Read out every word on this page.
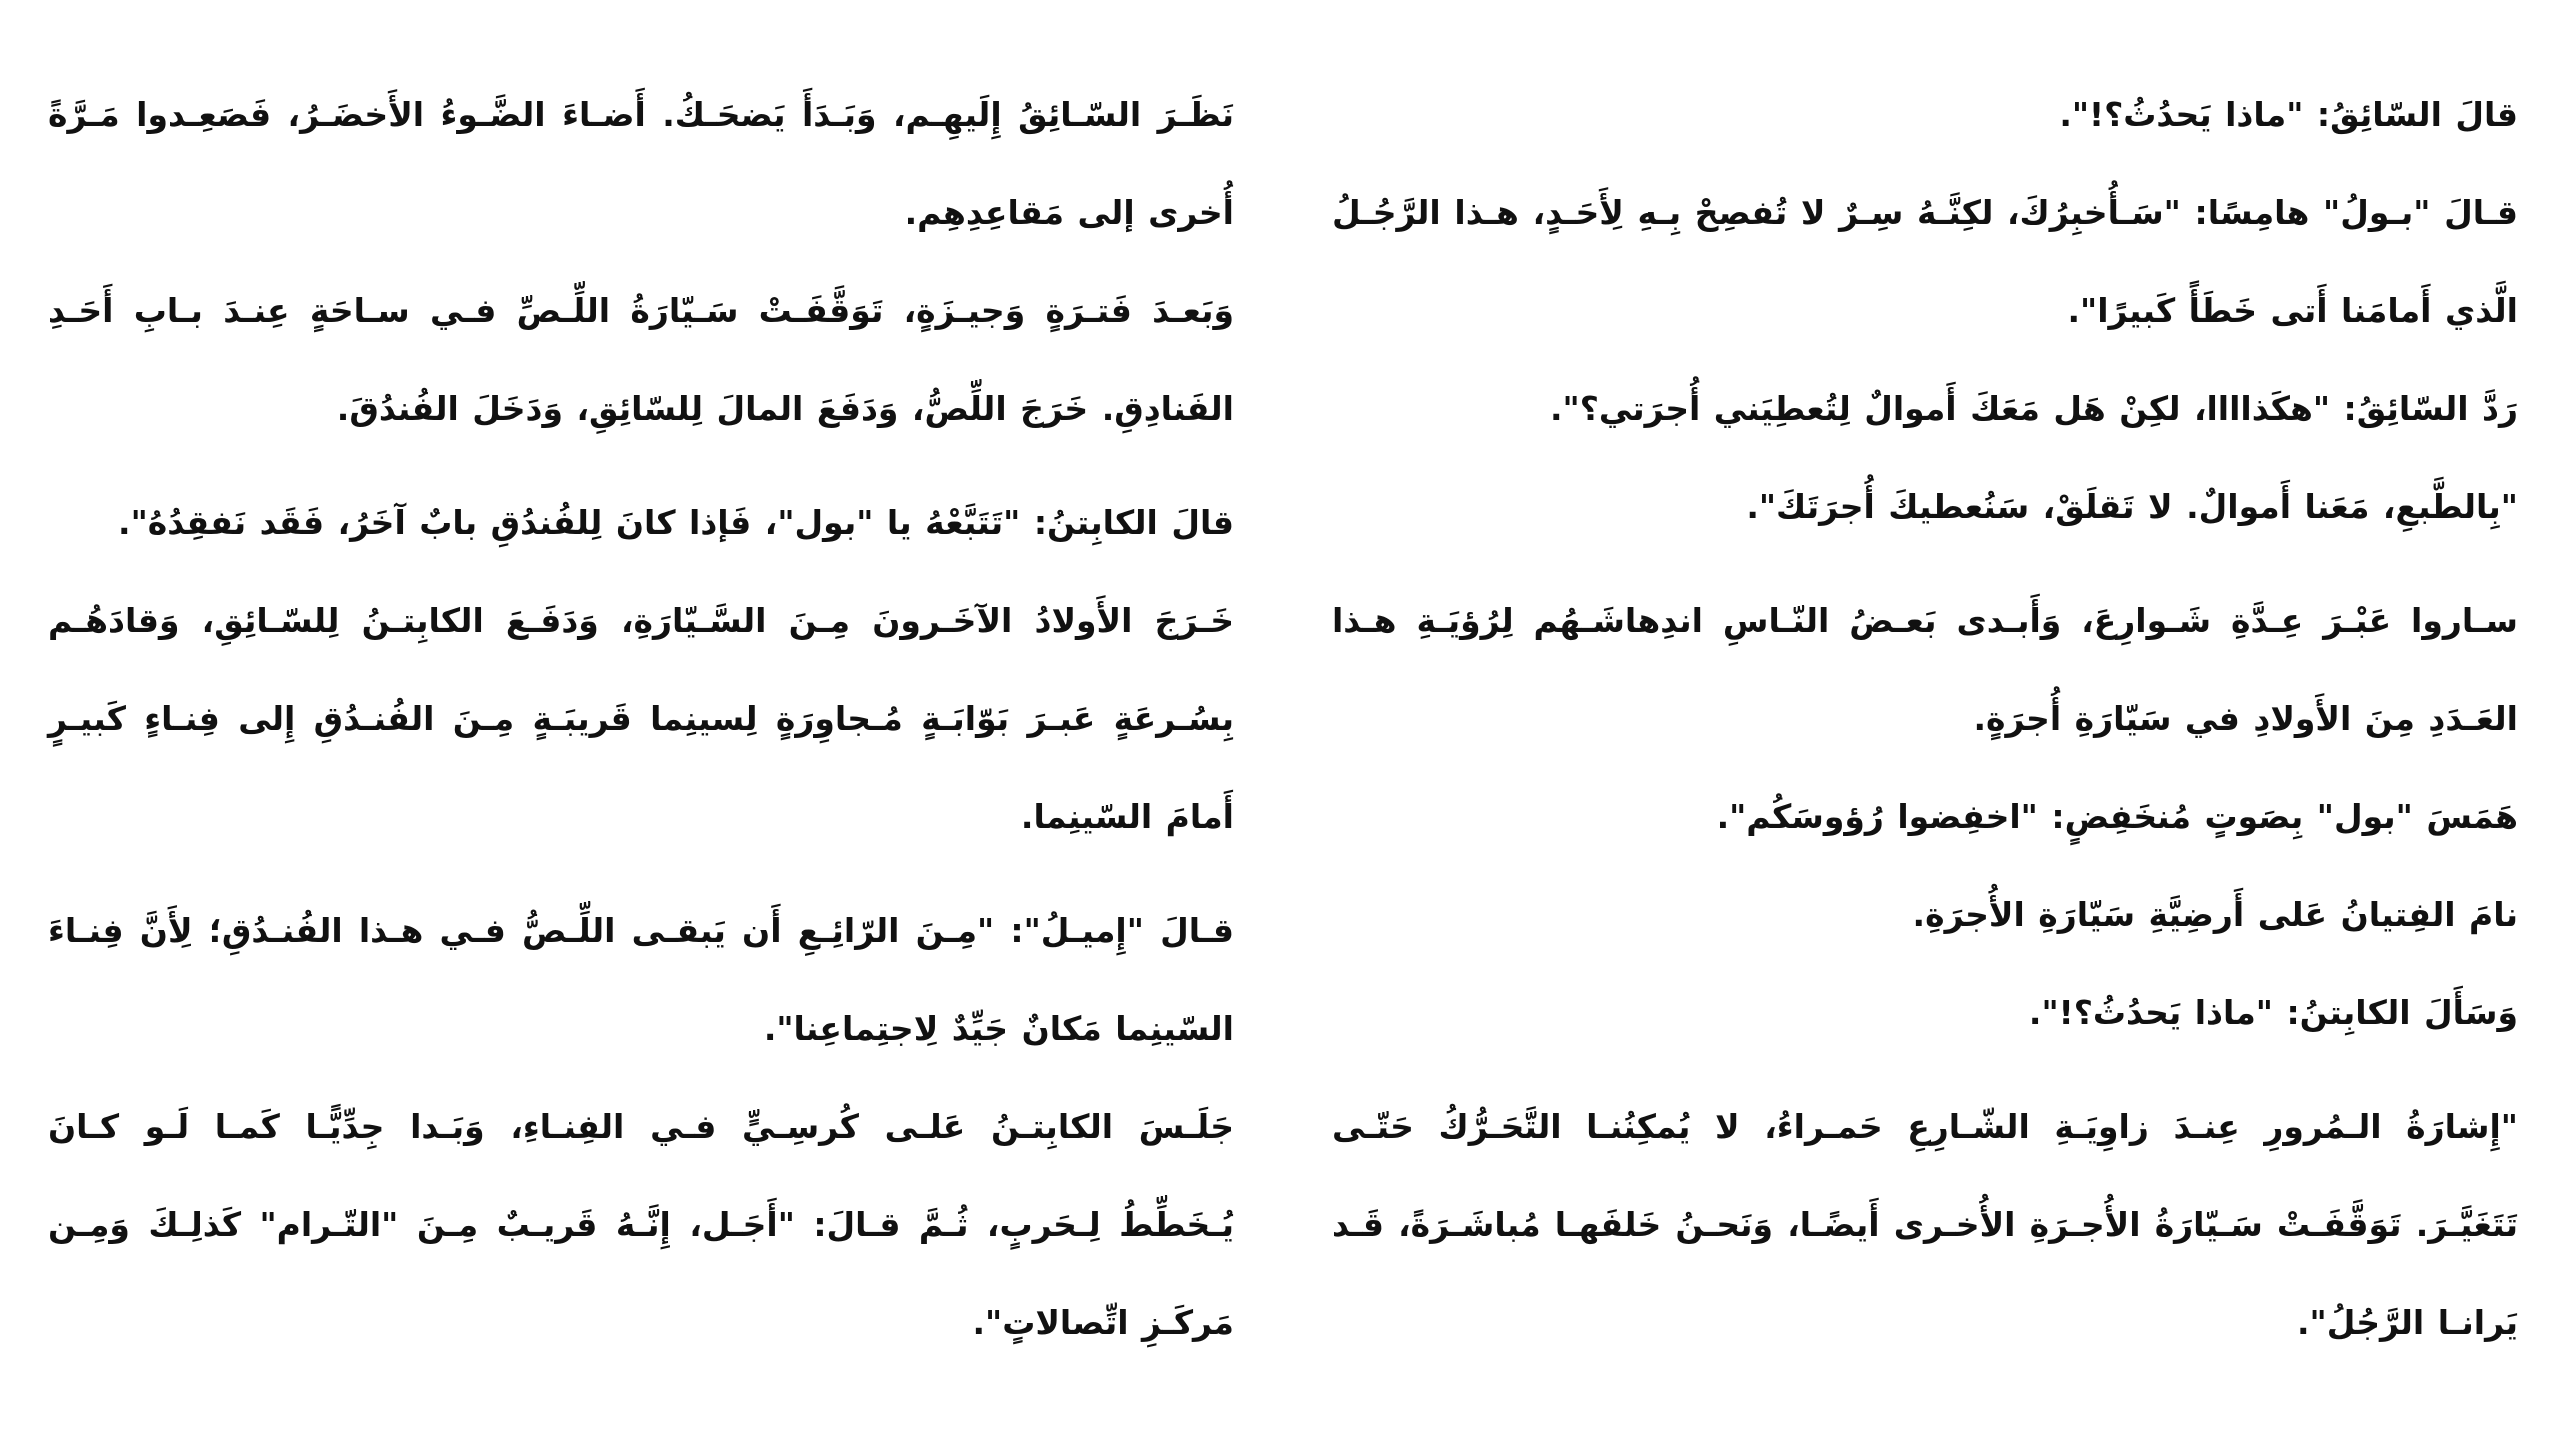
قالَ السّائِقُ: "ماذا يَحدُثُ؟!".

قـالَ "بـولُ" هامِسًا: "سَـأُخبِرُكَ، لكِنَّـهُ سِـرٌ لا تُفصِحْ بِـهِ لِأَحَـدٍ، هـذا الرَّجُـلُ الَّذي أَمامَنا أَتى خَطَأً كَبيرًا".

رَدَّ السّائِقُ: "هكَذاااا، لكِنْ هَل مَعَكَ أَموالٌ لِتُعطِيَني أُجرَتي؟".

"بِالطَّبعِ، مَعَنا أَموالٌ. لا تَقلَقْ، سَنُعطيكَ أُجرَتَكَ".

سـاروا عَبْـرَ عِـدَّةِ شَـوارِعَ، وَأَبـدى بَعـضُ النّـاسِ اندِهاشَـهُم لِرُؤيَـةِ هـذا العَـدَدِ مِنَ الأَولادِ في سَيّارَةِ أُجرَةٍ.

هَمَسَ "بول" بِصَوتٍ مُنخَفِضٍ: "اخفِضوا رُؤوسَكُم".

نامَ الفِتيانُ عَلى أَرضِيَّةِ سَيّارَةِ الأُجرَةِ.

وَسَأَلَ الكابِتنُ: "ماذا يَحدُثُ؟!".

"إِشارَةُ الـمُرورِ عِنـدَ زاوِيَـةِ الشّـارِعِ حَمـراءُ، لا يُمكِنُنـا التَّحَـرُّكُ حَتّـى تَتَغَيَّـرَ. تَوَقَّفَـتْ سَـيّارَةُ الأُجـرَةِ الأُخـرى أَيضًـا، وَنَحـنُ خَلفَهـا مُباشَـرَةً، قَـد يَرانـا الرَّجُلُ".

نَظَـرَ السّـائِقُ إِلَيهِـم، وَبَـدَأَ يَضحَـكُ. أَضـاءَ الضَّـوءُ الأَخضَـرُ، فَصَعِـدوا مَـرَّةً أُخرى إلى مَقاعِدِهِم.

وَبَعـدَ فَتـرَةٍ وَجيـزَةٍ، تَوَقَّفَـتْ سَـيّارَةُ اللِّـصِّ فـي سـاحَةٍ عِنـدَ بـابِ أَحَـدِ الفَنادِقِ. خَرَجَ اللِّصُّ، وَدَفَعَ المالَ لِلسّائِقِ، وَدَخَلَ الفُندُقَ.

قالَ الكابِتنُ: "تَتَبَّعْهُ يا "بول"، فَإذا كانَ لِلفُندُقِ بابٌ آخَرُ، فَقَد نَفقِدُهُ".

خَـرَجَ الأَولادُ الآخَـرونَ مِـنَ السَّـيّارَةِ، وَدَفَـعَ الكابِتـنُ لِلسّـائِقِ، وَقادَهُـم بِسُـرعَةٍ عَبـرَ بَوّابَـةٍ مُـجاوِرَةٍ لِسينِما قَريبَـةٍ مِـنَ الفُنـدُقِ إِلى فِنـاءٍ كَبيـرٍ أَمامَ السّينِما.

قـالَ "إِميـلُ": "مِـنَ الرّائِـعِ أَن يَبقـى اللِّـصُّ فـي هـذا الفُنـدُقِ؛ لِأَنَّ فِنـاءَ السّينِما مَكانٌ جَيِّدٌ لِاجتِماعِنا".

جَلَـسَ الكابِتـنُ عَلـى كُرسِـيٍّ فـي الفِنـاءِ، وَبَـدا جِدِّيًّـا كَمـا لَـو كـانَ يُـخَطِّطُ لِـحَربٍ، ثُـمَّ قـالَ: "أَجَـل، إِنَّـهُ قَريـبٌ مِـنَ "التّـرام" كَذلِـكَ وَمِـن مَركَـزِ اتِّصالاتٍ".
